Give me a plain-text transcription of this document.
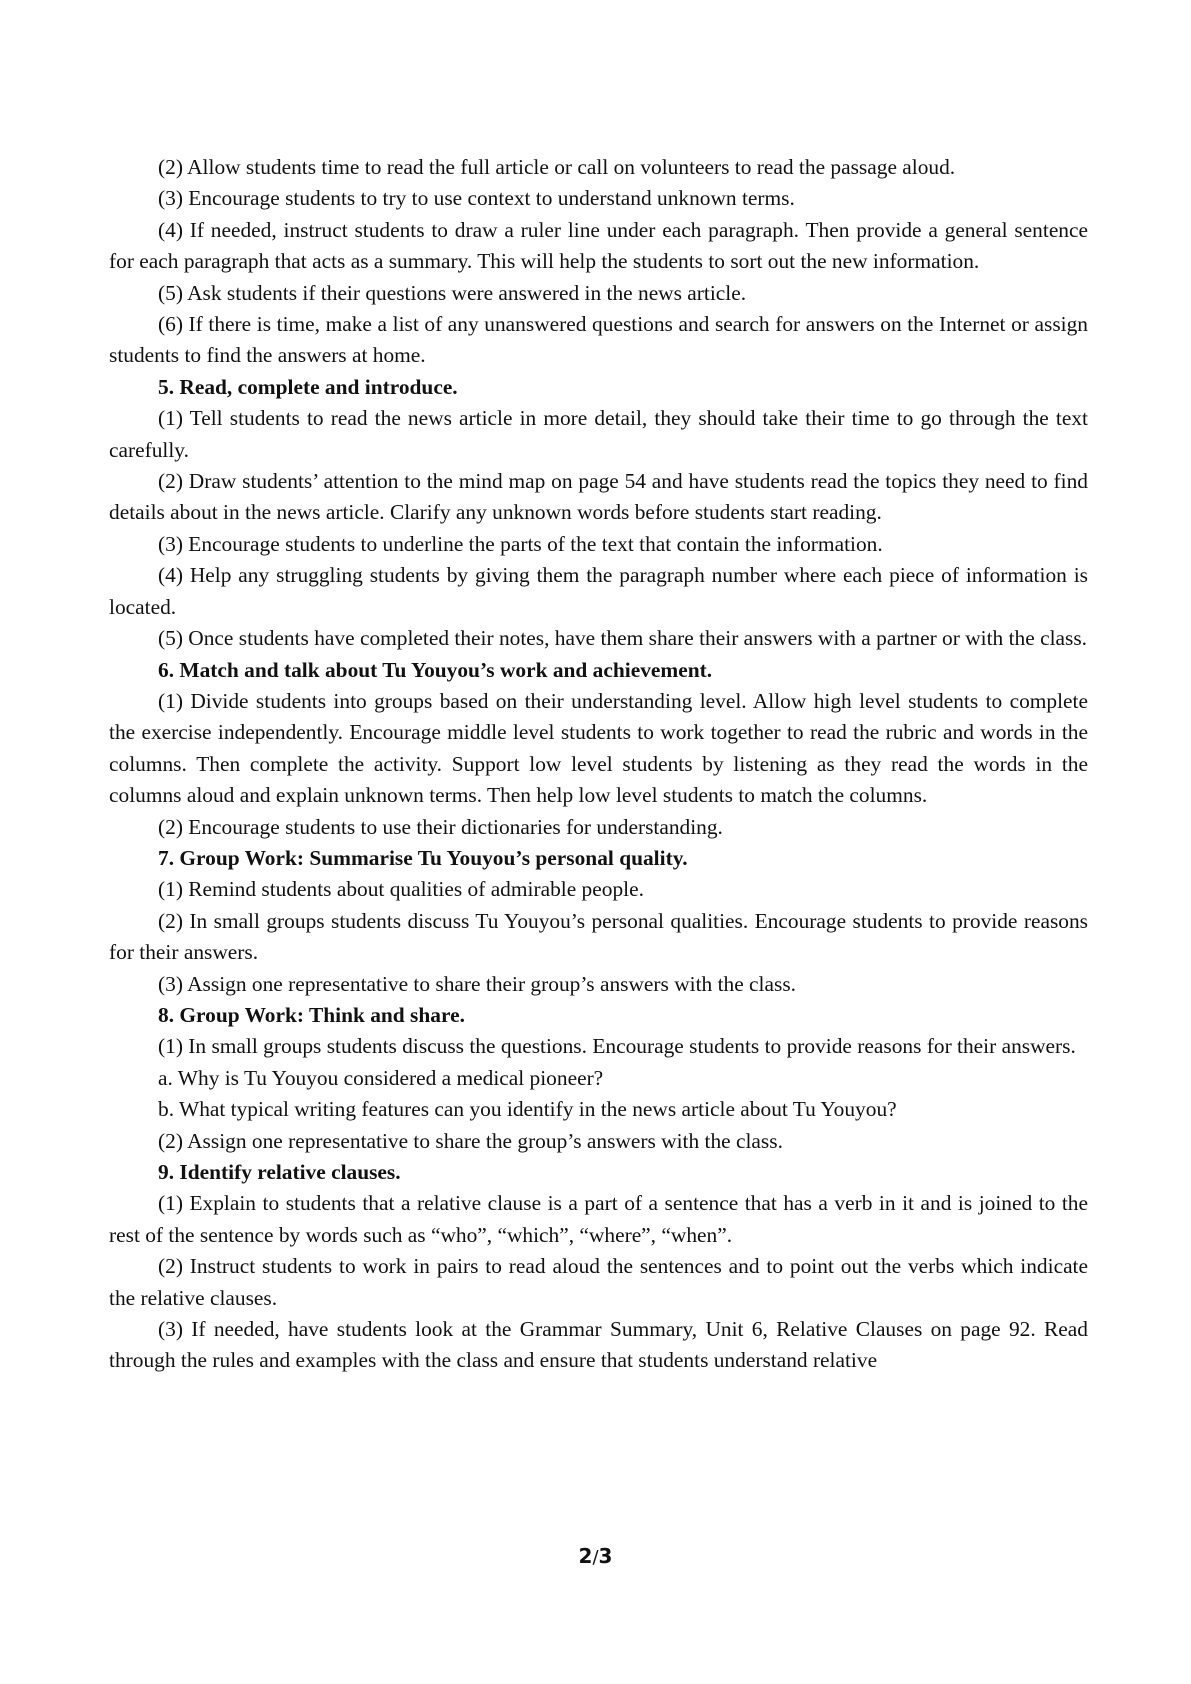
(2) Allow students time to read the full article or call on volunteers to read the passage aloud.

(3) Encourage students to try to use context to understand unknown terms.

(4) If needed, instruct students to draw a ruler line under each paragraph. Then provide a general sentence for each paragraph that acts as a summary. This will help the students to sort out the new information.

(5) Ask students if their questions were answered in the news article.

(6) If there is time, make a list of any unanswered questions and search for answers on the Internet or assign students to find the answers at home.

5. Read, complete and introduce.

(1) Tell students to read the news article in more detail, they should take their time to go through the text carefully.

(2) Draw students’ attention to the mind map on page 54 and have students read the topics they need to find details about in the news article. Clarify any unknown words before students start reading.

(3) Encourage students to underline the parts of the text that contain the information.

(4) Help any struggling students by giving them the paragraph number where each piece of information is located.

(5) Once students have completed their notes, have them share their answers with a partner or with the class.

6. Match and talk about Tu Youyou’s work and achievement.

(1) Divide students into groups based on their understanding level. Allow high level students to complete the exercise independently. Encourage middle level students to work together to read the rubric and words in the columns. Then complete the activity. Support low level students by listening as they read the words in the columns aloud and explain unknown terms. Then help low level students to match the columns.

(2) Encourage students to use their dictionaries for understanding.

7. Group Work: Summarise Tu Youyou’s personal quality.

(1) Remind students about qualities of admirable people.

(2) In small groups students discuss Tu Youyou’s personal qualities. Encourage students to provide reasons for their answers.

(3) Assign one representative to share their group’s answers with the class.

8. Group Work: Think and share.

(1) In small groups students discuss the questions. Encourage students to provide reasons for their answers.

a. Why is Tu Youyou considered a medical pioneer?

b. What typical writing features can you identify in the news article about Tu Youyou?

(2) Assign one representative to share the group’s answers with the class.

9. Identify relative clauses.

(1) Explain to students that a relative clause is a part of a sentence that has a verb in it and is joined to the rest of the sentence by words such as “who”, “which”, “where”, “when”.

(2) Instruct students to work in pairs to read aloud the sentences and to point out the verbs which indicate the relative clauses.

(3) If needed, have students look at the Grammar Summary, Unit 6, Relative Clauses on page 92. Read through the rules and examples with the class and ensure that students understand relative

2/3
